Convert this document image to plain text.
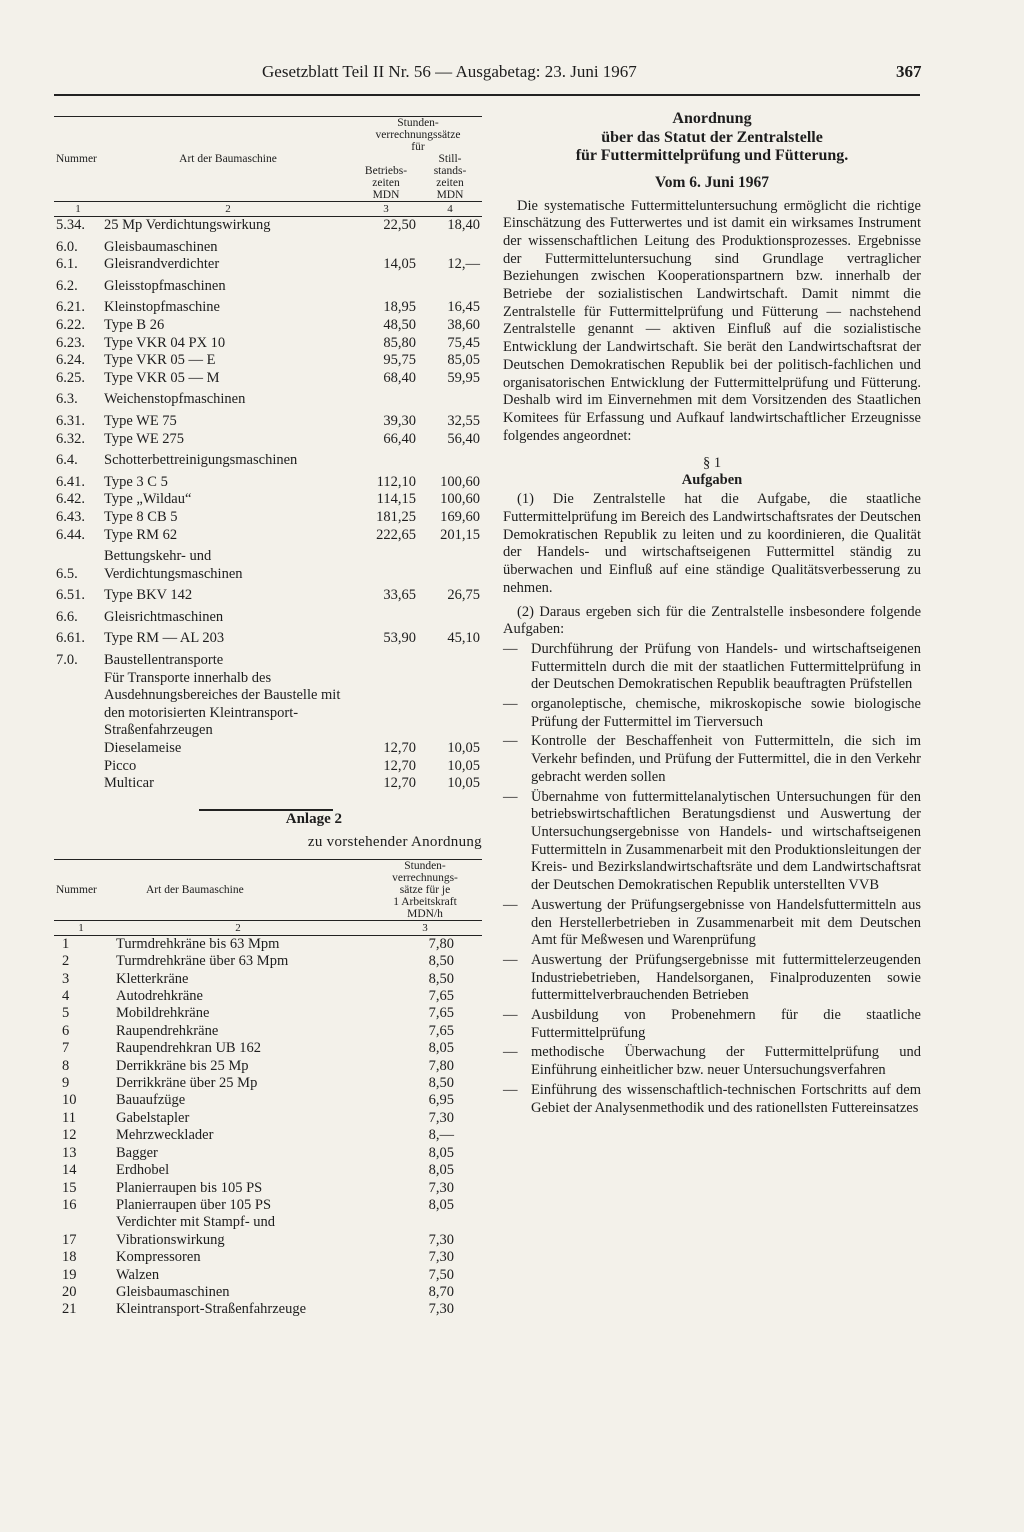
Gesetzblatt Teil II Nr. 56 — Ausgabetag: 23. Juni 1967	367

Nummer	Art der Baumaschine	Stunden-
verrechnungssätze
für	
		Betriebs-
zeiten
MDN	Still-
stands-
zeiten
MDN
1	2	3	4
5.34.	25 Mp Verdichtungswirkung	22,50	18,40
6.0.	Gleisbaumaschinen		
6.1.	Gleisrandverdichter	14,05	12,—
6.2.	Gleisstopfmaschinen		
6.21.	Kleinstopfmaschine	18,95	16,45
6.22.	Type B 26	48,50	38,60
6.23.	Type VKR 04 PX 10	85,80	75,45
6.24.	Type VKR 05 — E	95,75	85,05
6.25.	Type VKR 05 — M	68,40	59,95
6.3.	Weichenstopfmaschinen		
6.31.	Type WE 75	39,30	32,55
6.32.	Type WE 275	66,40	56,40
6.4.	Schotterbettreinigungsmaschinen		
6.41.	Type 3 C 5	112,10	100,60
6.42.	Type „Wildau“	114,15	100,60
6.43.	Type 8 CB 5	181,25	169,60
6.44.	Type RM 62	222,65	201,15
6.5.	Bettungskehr- und Verdichtungsmaschinen		
6.51.	Type BKV 142	33,65	26,75
6.6.	Gleisrichtmaschinen		
6.61.	Type RM — AL 203	53,90	45,10
7.0.	Baustellentransporte		
	Für Transporte innerhalb des Ausdehnungsbereiches der Baustelle mit den motorisierten Kleintransport-Straßenfahrzeugen		
	Dieselameise	12,70	10,05
	Picco	12,70	10,05
	Multicar	12,70	10,05
Anlage 2
zu vorstehender Anordnung

Nummer	Art der Baumaschine	Stunden-
verrechnungs-
sätze für je
1 Arbeitskraft
MDN/h
1	2	3
1	Turmdrehkräne bis 63 Mpm	7,80
2	Turmdrehkräne über 63 Mpm	8,50
3	Kletterkräne	8,50
4	Autodrehkräne	7,65
5	Mobildrehkräne	7,65
6	Raupendrehkräne	7,65
7	Raupendrehkran UB 162	8,05
8	Derrikkräne bis 25 Mp	7,80
9	Derrikkräne über 25 Mp	8,50
10	Bauaufzüge	6,95
11	Gabelstapler	7,30
12	Mehrzwecklader	8,—
13	Bagger	8,05
14	Erdhobel	8,05
15	Planierraupen bis 105 PS	7,30
16	Planierraupen über 105 PS	8,05
17	Verdichter mit Stampf- und Vibrationswirkung	7,30
18	Kompressoren	7,30
19	Walzen	7,50
20	Gleisbaumaschinen	8,70
21	Kleintransport-Straßenfahrzeuge	7,30
Anordnung
über das Statut der Zentralstelle
für Futtermittelprüfung und Fütterung.
Vom 6. Juni 1967

Die systematische Futtermitteluntersuchung ermöglicht die richtige Einschätzung des Futterwertes und ist damit ein wirksames Instrument der wissenschaftlichen Leitung des Produktionsprozesses. Ergebnisse der Futtermitteluntersuchung sind Grundlage vertraglicher Beziehungen zwischen Kooperationspartnern bzw. innerhalb der Betriebe der sozialistischen Landwirtschaft. Damit nimmt die Zentralstelle für Futtermittelprüfung und Fütterung — nachstehend Zentralstelle genannt — aktiven Einfluß auf die sozialistische Entwicklung der Landwirtschaft. Sie berät den Landwirtschaftsrat der Deutschen Demokratischen Republik bei der politisch-fachlichen und organisatorischen Entwicklung der Futtermittelprüfung und Fütterung. Deshalb wird im Einvernehmen mit dem Vorsitzenden des Staatlichen Komitees für Erfassung und Aufkauf landwirtschaftlicher Erzeugnisse folgendes angeordnet:

§ 1
Aufgaben

(1) Die Zentralstelle hat die Aufgabe, die staatliche Futtermittelprüfung im Bereich des Landwirtschaftsrates der Deutschen Demokratischen Republik zu leiten und zu koordinieren, die Qualität der Handels- und wirtschaftseigenen Futtermittel ständig zu überwachen und Einfluß auf eine ständige Qualitätsverbesserung zu nehmen.

(2) Daraus ergeben sich für die Zentralstelle insbesondere folgende Aufgaben:

— Durchführung der Prüfung von Handels- und wirtschaftseigenen Futtermitteln durch die mit der staatlichen Futtermittelprüfung in der Deutschen Demokratischen Republik beauftragten Prüfstellen
— organoleptische, chemische, mikroskopische sowie biologische Prüfung der Futtermittel im Tierversuch
— Kontrolle der Beschaffenheit von Futtermitteln, die sich im Verkehr befinden, und Prüfung der Futtermittel, die in den Verkehr gebracht werden sollen
— Übernahme von futtermittelanalytischen Untersuchungen für den betriebswirtschaftlichen Beratungsdienst und Auswertung der Untersuchungsergebnisse von Handels- und wirtschaftseigenen Futtermitteln in Zusammenarbeit mit den Produktionsleitungen der Kreis- und Bezirkslandwirtschaftsräte und dem Landwirtschaftsrat der Deutschen Demokratischen Republik unterstellten VVB
— Auswertung der Prüfungsergebnisse von Handelsfuttermitteln aus den Herstellerbetrieben in Zusammenarbeit mit dem Deutschen Amt für Meßwesen und Warenprüfung
— Auswertung der Prüfungsergebnisse mit futtermittelerzeugenden Industriebetrieben, Handelsorganen, Finalproduzenten sowie futtermittelverbrauchenden Betrieben
— Ausbildung von Probenehmern für die staatliche Futtermittelprüfung
— methodische Überwachung der Futtermittelprüfung und Einführung einheitlicher bzw. neuer Untersuchungsverfahren
— Einführung des wissenschaftlich-technischen Fortschritts auf dem Gebiet der Analysenmethodik und des rationellsten Futtereinsatzes
